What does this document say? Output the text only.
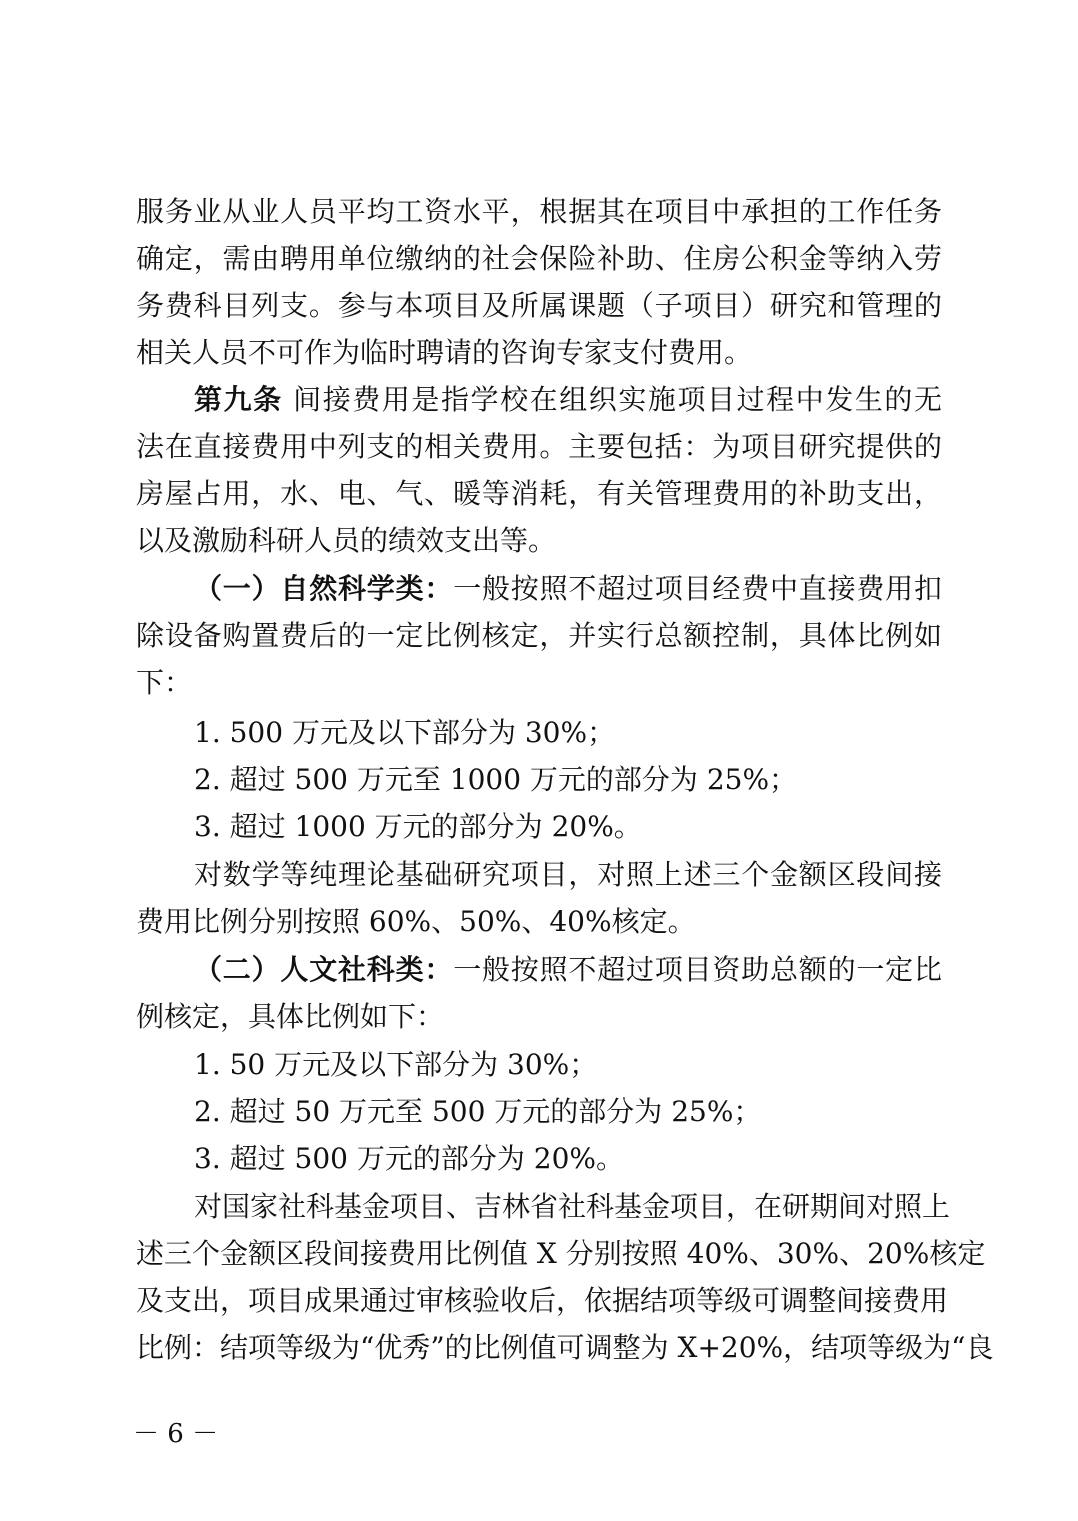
服务业从业人员平均工资水平，根据其在项目中承担的工作任务
确定，需由聘用单位缴纳的社会保险补助、住房公积金等纳入劳
务费科目列支。参与本项目及所属课题（子项目）研究和管理的
相关人员不可作为临时聘请的咨询专家支付费用。
第九条 间接费用是指学校在组织实施项目过程中发生的无
法在直接费用中列支的相关费用。主要包括：为项目研究提供的
房屋占用，水、电、气、暖等消耗，有关管理费用的补助支出，
以及激励科研人员的绩效支出等。
（一）自然科学类：一般按照不超过项目经费中直接费用扣
除设备购置费后的一定比例核定，并实行总额控制，具体比例如
下：
1. 500 万元及以下部分为 30%；
2. 超过 500 万元至 1000 万元的部分为 25%；
3. 超过 1000 万元的部分为 20%。
对数学等纯理论基础研究项目，对照上述三个金额区段间接
费用比例分别按照 60%、50%、40%核定。
（二）人文社科类：一般按照不超过项目资助总额的一定比
例核定，具体比例如下：
1. 50 万元及以下部分为 30%；
2. 超过 50 万元至 500 万元的部分为 25%；
3. 超过 500 万元的部分为 20%。
对国家社科基金项目、吉林省社科基金项目，在研期间对照上
述三个金额区段间接费用比例值 X 分别按照 40%、30%、20%核定
及支出，项目成果通过审核验收后，依据结项等级可调整间接费用
比例：结项等级为“优秀”的比例值可调整为 X+20%，结项等级为“良
－ 6 －
